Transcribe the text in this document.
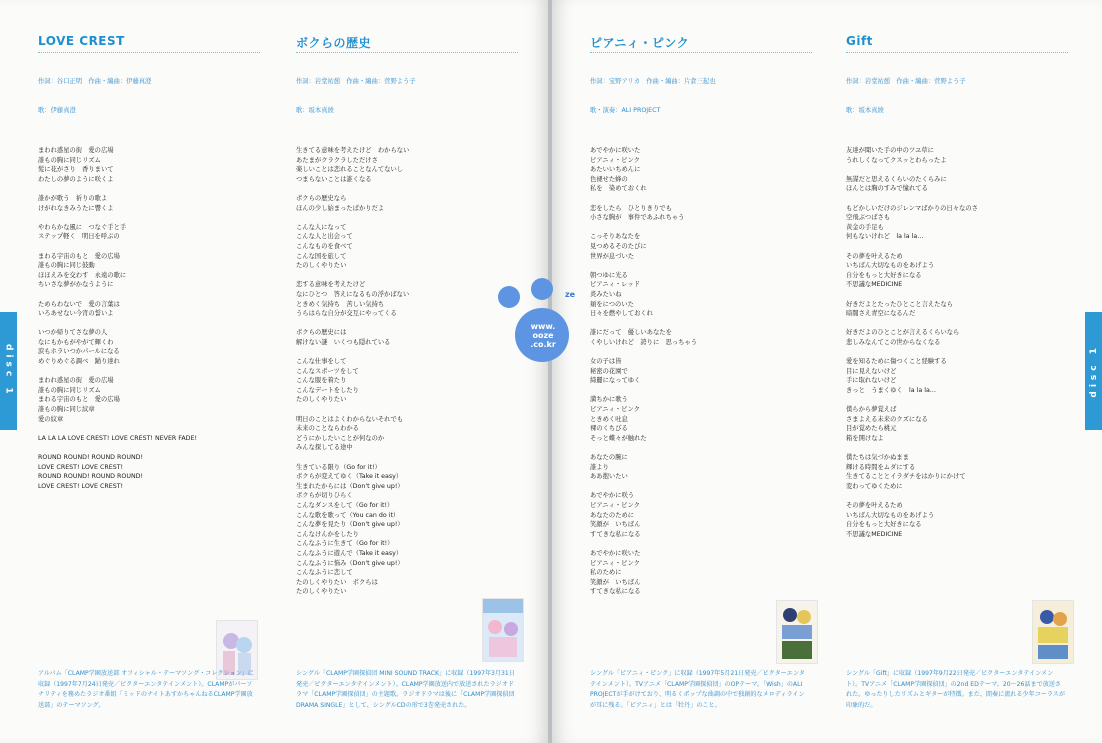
disc 1
LOVE CREST

作詞：谷口正明　作曲・編曲：伊藤真澄

歌：伊藤真澄

まわれ惑星の街　愛の広場
誰もの胸に同じリズム
髪に花がさり　香りまいて
わたしの夢のように咲くよ
誰かが歌う　祈りの歌よ
けがれなきみうたに響くよ
やわらかな風に　つなぐ手と手
ステップ軽く　明日を呼ぶの
まわる宇宙のもと　愛の広場
誰もの胸に同じ鼓動
ほほえみを交わす　永遠の歌に
ちいさな夢がかなうように
ためらわないで　愛の言葉は
いろあせない今宵の誓いよ
いつか帰りてさな夢の人
なにもかもがやがて輝くわ
涙もホラいつかパールになる
めぐりめぐる調べ　踊り達れ
まわれ惑星の街　愛の広場
誰もの胸に同じリズム
まわる宇宙のもと　愛の広場
誰もの胸に同じ紋章
愛の紋章
LA LA LA LOVE CREST! LOVE CREST! NEVER FADE!
ROUND ROUND! ROUND ROUND!
LOVE CREST! LOVE CREST!
ROUND ROUND! ROUND ROUND!
LOVE CREST! LOVE CREST!
アルバム「CLAMP学園放送部 オフィシャル・テーマソング・コレクション」に収録（1997年7月24日発売／ビクターエンタテインメント）。CLAMPがパーソナリティを務めたラジオ番組「ミッドのナイトあすかちゃんねるCLAMP学園放送部」のテーマソング。
ボクらの歴史

作詞：岩堂祐憩　作曲・編曲：菅野よう子

歌：坂本真綾

生きてる意味を考えたけど　わからない
あたまがクラクラしただけさ
楽しいことは恋れることなんてないし
つまらないことは誰くなる
ボクらの歴史なら
ほんの少し始まったばかりだよ
こんな人になって
こんな人と出会って
こんなものを食べて
こんな国を旅して
たのしくやりたい
恋する意味を考えたけど
なにひとつ　答えになるもの浮かばない
ときめく気持ち　苦しい気持ち
うらはらな自分が交互にやってくる
ボクらの歴史には
解けない謎　いくつも隠れている
こんな仕事をして
こんなスポーツをして
こんな服を着たり
こんなデートをしたり
たのしくやりたい
明日のことはよくわからないそれでも
未来のことならわかる
どうにかしたいことが何なのか
みんな探してる途中
生きている限り（Go for it!）
ボクらが変えてゆく（Take it easy）
生まれたからには（Don't give up!）
ボクらが切りひらく
こんなダンスをして（Go for it!）
こんな歌を歌って（You can do it）
こんな夢を見たり（Don't give up!）
こんなけんかをしたり
こんなふうに生きて（Go for it!）
こんなふうに遊んで（Take it easy）
こんなふうに悩み（Don't give up!）
こんなふうに恋して
たのしくやりたい　ボクらは
たのしくやりたい
シングル「CLAMP学園探偵団 MINI SOUND TRACK」に収録（1997年3月31日発売／ビクターエンタテインメント）。CLAMP学園放送内で放送されたラジオドラマ「CLAMP学園探偵団」の主題歌。ラジオドラマは後に「CLAMP学園探偵団 DRAMA SINGLE」として、シングルCDの形で3巻発売された。
disc 1
ピアニィ・ピンク

作詞：宝野アリカ　作曲・編曲：片倉三起也

歌・演奏：ALI PROJECT

あでやかに咲いた
ピアニィ・ピンク
あたいいちめんに
色褪せた蜂の
私を　染めておくれ
恋をしたら　ひとりきりでも
小さな胸が　事件であふれちゃう
こっそりあなたを
見つめるそのたびに
世界が息づいた
朝つゆに光る
ピアニィ・レッド
炎みたいね
頬をにつのいた
日々を燃やしておくれ
誰にだって　優しいあなたを
くやしいけれど　誇りに　思っちゃう
女の子は皆
秘密の花園で
綺麗になってゆく
満ちかに歌う
ピアニィ・ピンク
ときめく吐息
裸のくちびる
そっと蝶々が触れた
あなたの腕に
誰より
ああ抱いたい
あでやかに咲う
ピアニィ・ピンク
あなたのために
笑顔が　いちばん
すてきな私になる
あでやかに咲いた
ピアニィ・ピンク
私のために
笑顔が　いちばん
すてきな私になる
シングル「ピアニィ・ピンク」に収録（1997年5月21日発売／ビクターエンタテインメント）。TVアニメ「CLAMP学園探偵団」のOPテーマ。「Wish」のALI PROJECTが手がけており、明るくポップな曲調の中で独創的なメロディラインが耳に残る。「ピアニィ」とは「牡丹」のこと。
Gift

作詞：岩堂祐憩　作曲・編曲：菅野よう子

歌：坂本真綾

友達が聞いた手の中のツユ草に
うれしくなってクスッとわらったよ
無謀だと思えるくらいのたくらみに
ほんとは胸のすみで憧れてる
もどかしいだけのジレンマばかりの日々なのさ
空飛ぶつばさも
黄金の手足も
何もないけれど　la la la…
その夢を叶えるため
いちばん大切なものをあげよう
自分をもっと大好きになる
不思議なMEDICINE
好きだよとたったひとこと言えたなら
暗闇さえ青空になるんだ
好きだよのひとことが言えるくらいなら
悲しみなんてこの世からなくなる
愛を知るために傷つくこと経験する
目に見えないけど
手に取れないけど
きっと　うまくゆく　la la la…
僕らから夢覚えば
さまよえる未来のクズになる
目が覚めたら桃元
箱を開けなよ
僕たちは気づかぬまま
輝ける時間をムダにする
生きてることとイラダチをはかりにかけて
変わってゆくために
その夢を叶えるため
いちばん大切なものをあげよう
自分をもっと大好きになる
不思議なMEDICINE
シングル「Gift」に収録（1997年9月22日発売／ビクターエンタテインメント）。TVアニメ「CLAMP学園探偵団」の2nd EDテーマ。20〜26話まで放送された。ゆったりしたリズムとギターが特徴。また、間奏に流れる少年コーラスが印象的だ。
ze
www.
ooze
.co.kr
